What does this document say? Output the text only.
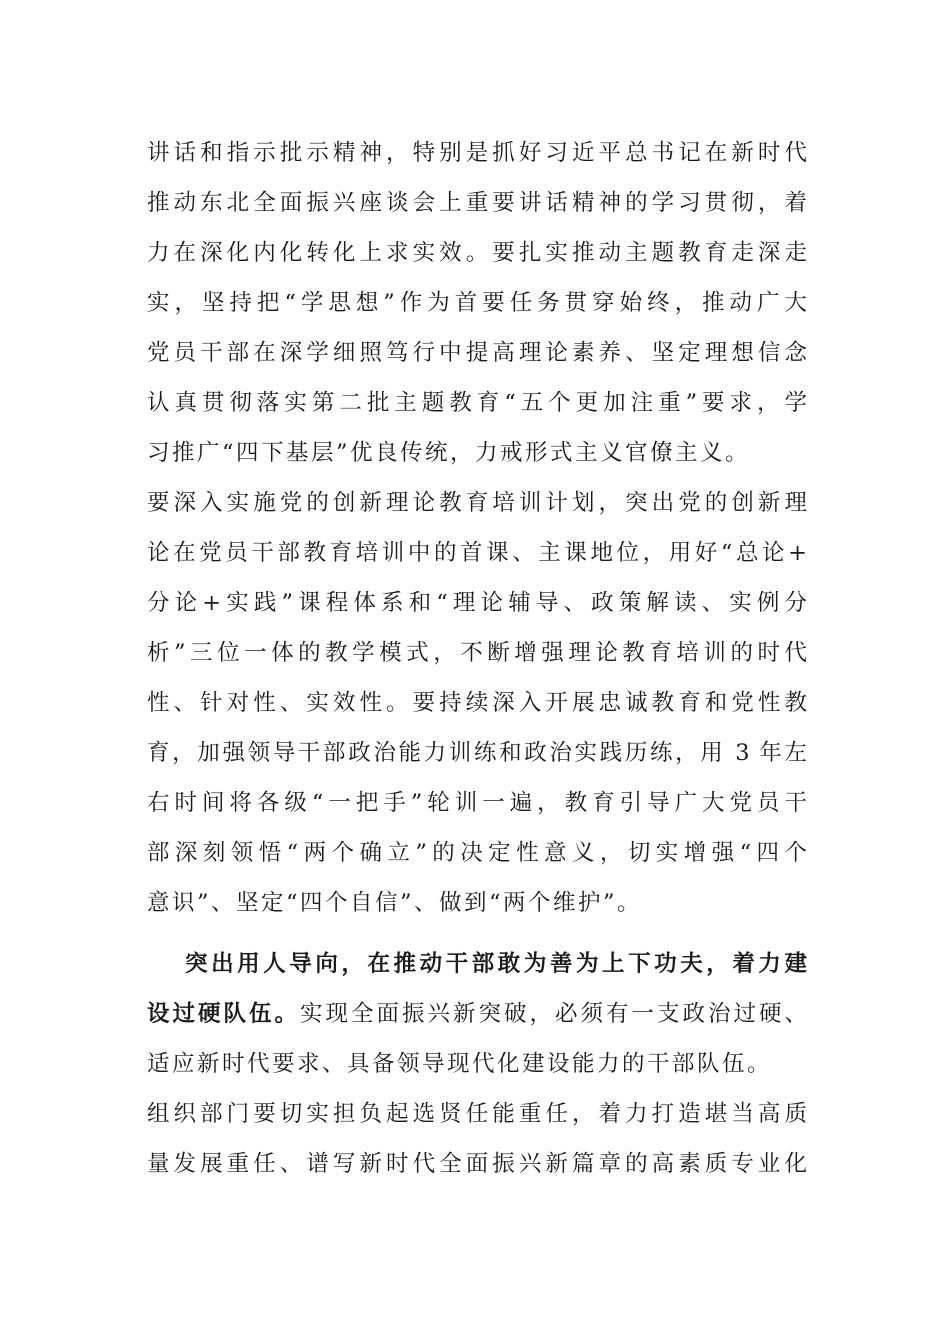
讲话和指示批示精神，特别是抓好习近平总书记在新时代
推动东北全面振兴座谈会上重要讲话精神的学习贯彻，着
力在深化内化转化上求实效。要扎实推动主题教育走深走
实，坚持把“学思想”作为首要任务贯穿始终，推动广大
党员干部在深学细照笃行中提高理论素养、坚定理想信念
认真贯彻落实第二批主题教育“五个更加注重”要求，学
习推广“四下基层”优良传统，力戒形式主义官僚主义。
要深入实施党的创新理论教育培训计划，突出党的创新理
论在党员干部教育培训中的首课、主课地位，用好“总论+
分论+实践”课程体系和“理论辅导、政策解读、实例分
析”三位一体的教学模式，不断增强理论教育培训的时代
性、针对性、实效性。要持续深入开展忠诚教育和党性教
育，加强领导干部政治能力训练和政治实践历练，用 3 年左
右时间将各级“一把手”轮训一遍，教育引导广大党员干
部深刻领悟“两个确立”的决定性意义，切实增强“四个
意识”、坚定“四个自信”、做到“两个维护”。
突出用人导向，在推动干部敢为善为上下功夫，着力建
设过硬队伍。实现全面振兴新突破，必须有一支政治过硬、
适应新时代要求、具备领导现代化建设能力的干部队伍。
组织部门要切实担负起选贤任能重任，着力打造堪当高质
量发展重任、谱写新时代全面振兴新篇章的高素质专业化
